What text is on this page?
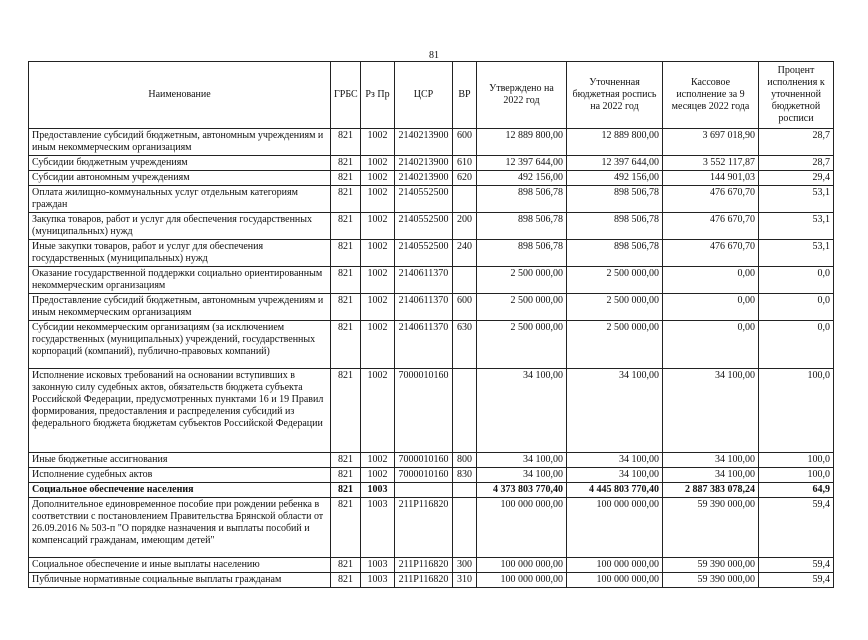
81
Наименование	ГРБС	Рз Пр	ЦСР	ВР	Утверждено на 2022 год	Уточненная бюджетная роспись на 2022 год	Кассовое исполнение за 9 месяцев 2022 года	Процент исполнения к уточненной бюджетной росписи
Предоставление субсидий бюджетным, автономным учреждениям и иным некоммерческим организациям	821	1002	2140213900	600	12 889 800,00	12 889 800,00	3 697 018,90	28,7
Субсидии бюджетным учреждениям	821	1002	2140213900	610	12 397 644,00	12 397 644,00	3 552 117,87	28,7
Субсидии автономным учреждениям	821	1002	2140213900	620	492 156,00	492 156,00	144 901,03	29,4
Оплата жилищно-коммунальных услуг отдельным категориям граждан	821	1002	2140552500		898 506,78	898 506,78	476 670,70	53,1
Закупка товаров, работ и услуг для обеспечения государственных (муниципальных) нужд	821	1002	2140552500	200	898 506,78	898 506,78	476 670,70	53,1
Иные закупки товаров, работ и услуг для обеспечения государственных (муниципальных) нужд	821	1002	2140552500	240	898 506,78	898 506,78	476 670,70	53,1
Оказание государственной поддержки социально ориентированным некоммерческим организациям	821	1002	2140611370		2 500 000,00	2 500 000,00	0,00	0,0
Предоставление субсидий бюджетным, автономным учреждениям и иным некоммерческим организациям	821	1002	2140611370	600	2 500 000,00	2 500 000,00	0,00	0,0
Субсидии некоммерческим организациям (за исключением государственных (муниципальных) учреждений, государственных корпораций (компаний), публично-правовых компаний)	821	1002	2140611370	630	2 500 000,00	2 500 000,00	0,00	0,0
Исполнение исковых требований на основании вступивших в законную силу судебных актов, обязательств бюджета субъекта Российской Федерации, предусмотренных пунктами 16 и 19 Правил формирования, предоставления и распределения субсидий из федерального бюджета бюджетам субъектов Российской Федерации	821	1002	7000010160		34 100,00	34 100,00	34 100,00	100,0
Иные бюджетные ассигнования	821	1002	7000010160	800	34 100,00	34 100,00	34 100,00	100,0
Исполнение судебных актов	821	1002	7000010160	830	34 100,00	34 100,00	34 100,00	100,0
Социальное обеспечение населения	821	1003			4 373 803 770,40	4 445 803 770,40	2 887 383 078,24	64,9
Дополнительное единовременное пособие при рождении ребенка в соответствии с постановлением Правительства Брянской области от 26.09.2016 № 503-п "О порядке назначения и выплаты пособий и компенсаций гражданам, имеющим детей"	821	1003	211P116820		100 000 000,00	100 000 000,00	59 390 000,00	59,4
Социальное обеспечение и иные выплаты населению	821	1003	211P116820	300	100 000 000,00	100 000 000,00	59 390 000,00	59,4
Публичные нормативные социальные выплаты гражданам	821	1003	211P116820	310	100 000 000,00	100 000 000,00	59 390 000,00	59,4
